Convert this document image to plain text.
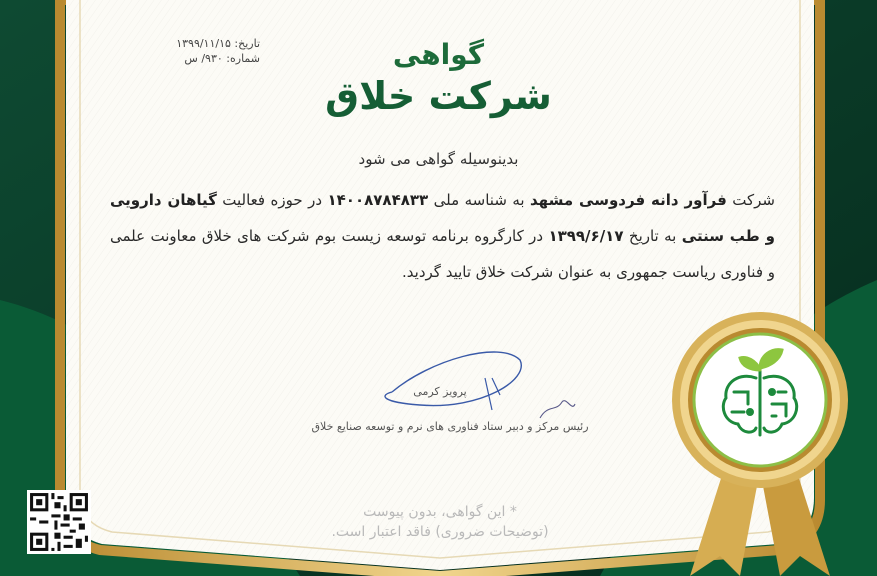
تاریخ: ۱۳۹۹/۱۱/۱۵
شماره: ۹۳۰/ س	گواهی
شرکت خلاق
بدینوسیله گواهی می شود
شرکت فرآور دانه فردوسی مشهد به شناسه ملی ۱۴۰۰۸۷۸۴۸۳۳ در حوزه فعالیت گیاهان دارویی و طب سنتی به تاریخ ۱۳۹۹/۶/۱۷ در کارگروه برنامه توسعه زیست بوم شرکت های خلاق معاونت علمی و فناوری ریاست جمهوری به عنوان شرکت خلاق تایید گردید.
پرویز کرمی
رئیس مرکز و دبیر ستاد فناوری های نرم و توسعه صنایع خلاق
* این گواهی، بدون پیوست
(توضیحات ضروری) فاقد اعتبار است.
